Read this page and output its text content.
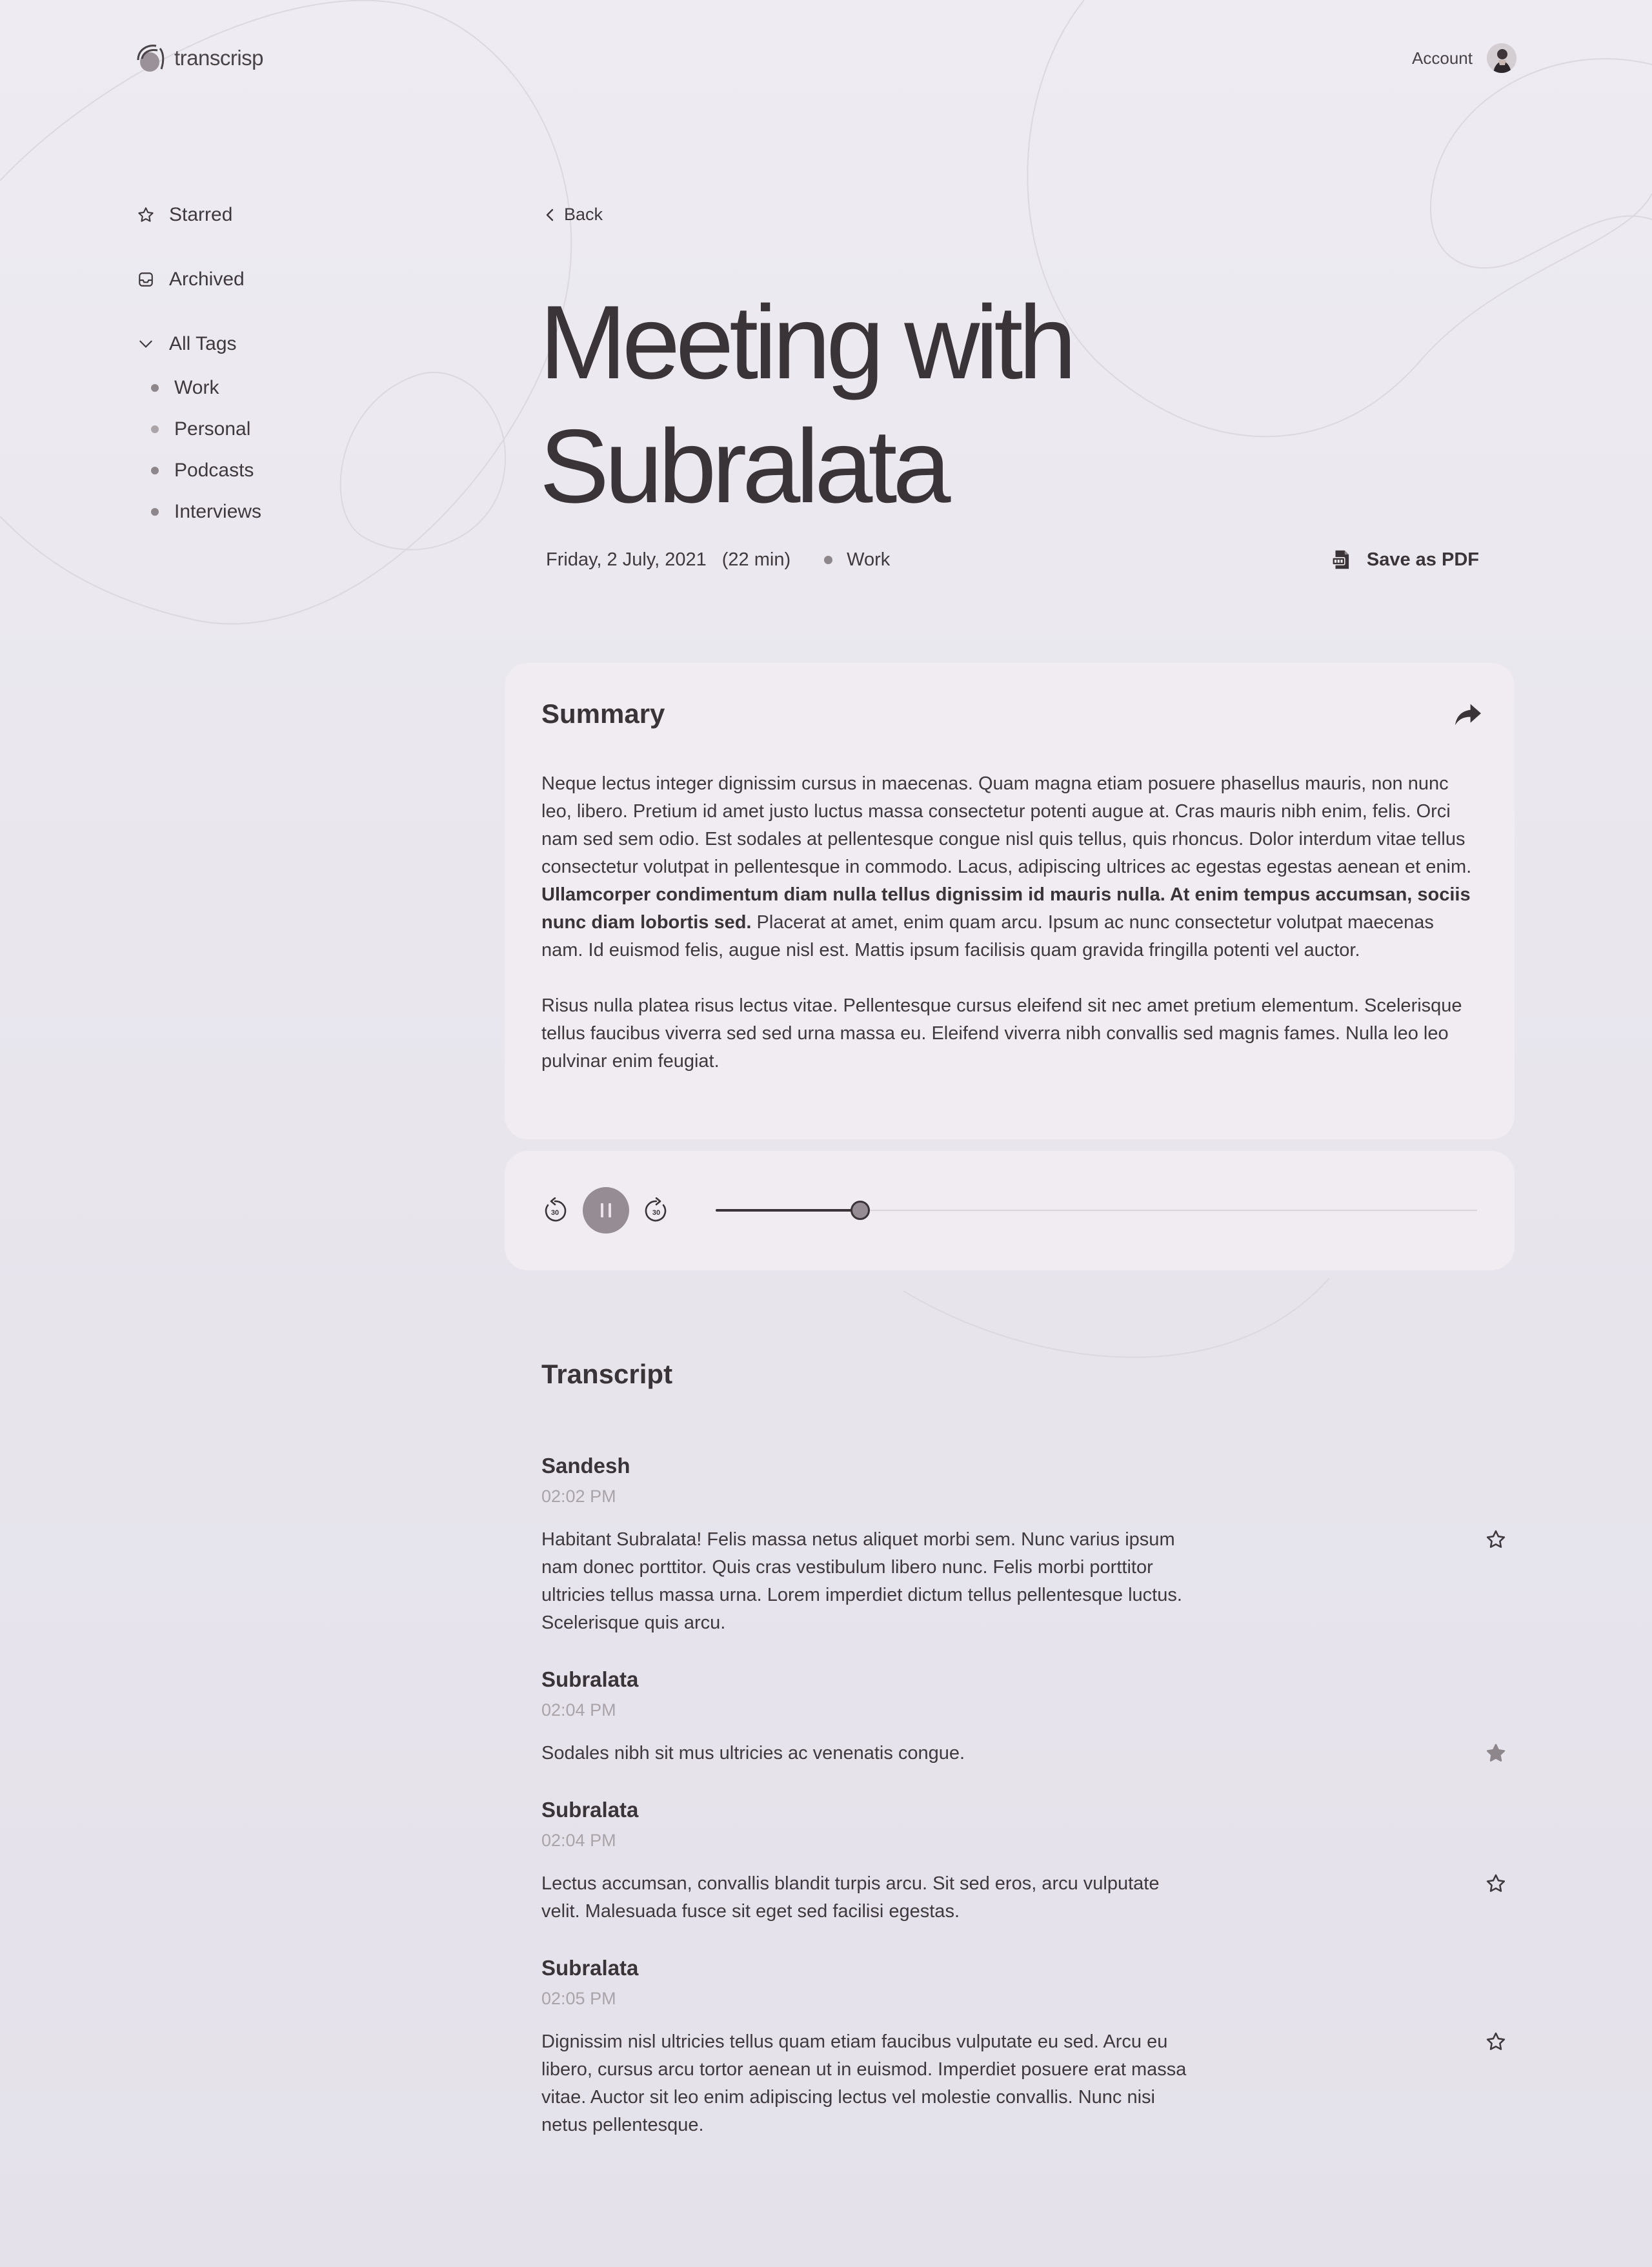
transcrisp	Account
Starred
Archived
All Tags
Work
Personal
Podcasts
Interviews
Back
Meeting with Subralata
Friday, 2 July, 2021 (22 min)	Work	Save as PDF
Summary

Neque lectus integer dignissim cursus in maecenas. Quam magna etiam posuere phasellus mauris, non nunc leo, libero. Pretium id amet justo luctus massa consectetur potenti augue at. Cras mauris nibh enim, felis. Orci nam sed sem odio. Est sodales at pellentesque congue nisl quis tellus, quis rhoncus. Dolor interdum vitae tellus consectetur volutpat in pellentesque in commodo. Lacus, adipiscing ultrices ac egestas egestas aenean et enim. Ullamcorper condimentum diam nulla tellus dignissim id mauris nulla. At enim tempus accumsan, sociis nunc diam lobortis sed. Placerat at amet, enim quam arcu. Ipsum ac nunc consectetur volutpat maecenas nam. Id euismod felis, augue nisl est. Mattis ipsum facilisis quam gravida fringilla potenti vel auctor.

Risus nulla platea risus lectus vitae. Pellentesque cursus eleifend sit nec amet pretium elementum. Scelerisque tellus faucibus viverra sed sed urna massa eu. Eleifend viverra nibh convallis sed magnis fames. Nulla leo leo pulvinar enim feugiat.

30	30
Transcript
Sandesh
02:02 PM
Habitant Subralata! Felis massa netus aliquet morbi sem. Nunc varius ipsum nam donec porttitor. Quis cras vestibulum libero nunc. Felis morbi porttitor ultricies tellus massa urna. Lorem imperdiet dictum tellus pellentesque luctus. Scelerisque quis arcu.
Subralata
02:04 PM
Sodales nibh sit mus ultricies ac venenatis congue.
Subralata
02:04 PM
Lectus accumsan, convallis blandit turpis arcu. Sit sed eros, arcu vulputate velit. Malesuada fusce sit eget sed facilisi egestas.
Subralata
02:05 PM
Dignissim nisl ultricies tellus quam etiam faucibus vulputate eu sed. Arcu eu libero, cursus arcu tortor aenean ut in euismod. Imperdiet posuere erat massa vitae. Auctor sit leo enim adipiscing lectus vel molestie convallis. Nunc nisi netus pellentesque.
